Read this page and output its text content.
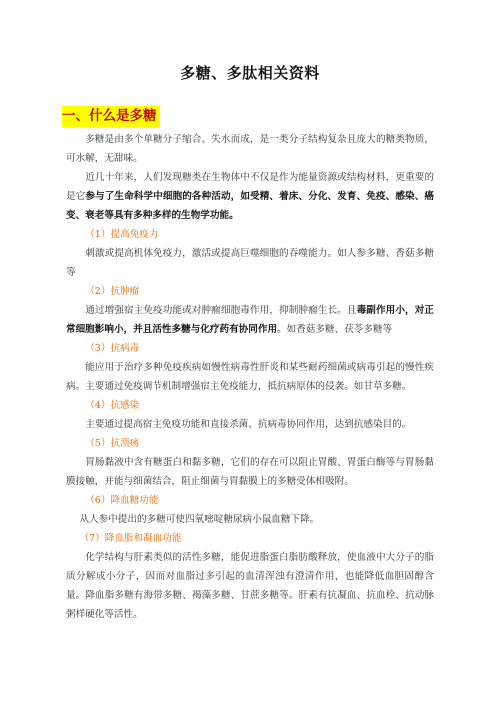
多糖、多肽相关资料
一、什么是多糖

多糖是由多个单糖分子缩合、失水而成，是一类分子结构复杂且庞大的糖类物质，可水解，无甜味。

近几十年来，人们发现糖类在生物体中不仅是作为能量资源或结构材料，更重要的是它参与了生命科学中细胞的各种活动，如受精、着床、分化、发育、免疫、感染、癌变、衰老等具有多种多样的生物学功能。

（1）提高免疫力

刺激或提高机体免疫力，激活或提高巨噬细胞的吞噬能力。如人参多糖、香菇多糖等

（2）抗肿瘤

通过增强宿主免疫功能或对肿瘤细胞毒作用，抑制肿瘤生长。且毒副作用小，对正常细胞影响小，并且活性多糖与化疗药有协同作用。如香菇多糖、茯苓多糖等

（3）抗病毒

能应用于治疗多种免疫疾病如慢性病毒性肝炎和某些耐药细菌或病毒引起的慢性疾病。主要通过免疫调节机制增强宿主免疫能力，抵抗病原体的侵袭。如甘草多糖。

（4）抗感染

主要通过提高宿主免疫功能和直接杀菌、抗病毒协同作用，达到抗感染目的。

（5）抗溃疡

胃肠黏液中含有糖蛋白和黏多糖，它们的存在可以阻止胃酸、胃蛋白酶等与胃肠黏膜接触，并能与细菌结合，阻止细菌与胃黏膜上的多糖受体相吸附。

（6）降血糖功能

从人参中提出的多糖可使四氧嘧啶糖尿病小鼠血糖下降。

（7）降血脂和凝血功能

化学结构与肝素类似的活性多糖，能促进脂蛋白脂肪酸释放，使血液中大分子的脂质分解成小分子，因而对血脂过多引起的血清浑浊有澄清作用，也能降低血胆固醇含量。降血脂多糖有海带多糖、褐藻多糖、甘蔗多糖等。肝素有抗凝血、抗血栓、抗动脉粥样硬化等活性。
